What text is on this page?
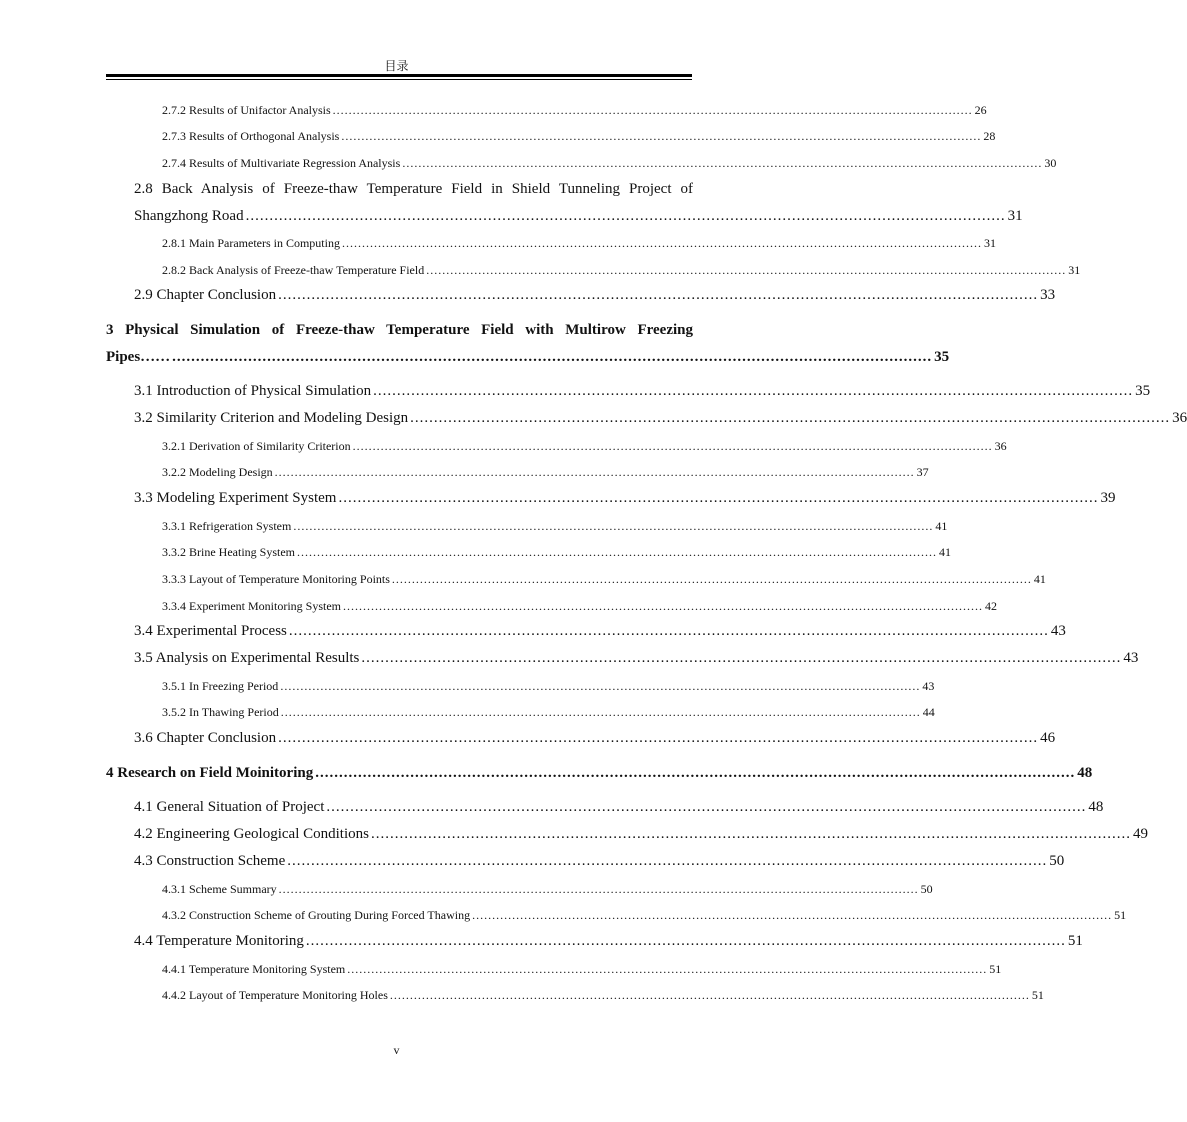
目录
2.7.2 Results of Unifactor Analysis ................................................................................................................................................................ 26
2.7.3 Results of Orthogonal Analysis ................................................................................................................................................................ 28
2.7.4 Results of Multivariate Regression Analysis ................................................................................................................................................................ 30
2.8 Back Analysis of Freeze-thaw Temperature Field in Shield Tunneling Project of
Shangzhong Road ................................................................................................................................................................ 31
2.8.1 Main Parameters in Computing ................................................................................................................................................................ 31
2.8.2 Back Analysis of Freeze-thaw Temperature Field ................................................................................................................................................................ 31
2.9 Chapter Conclusion ................................................................................................................................................................ 33
3 Physical Simulation of Freeze-thaw Temperature Field with Multirow Freezing
Pipes…… ................................................................................................................................................................ 35
3.1 Introduction of Physical Simulation ................................................................................................................................................................ 35
3.2 Similarity Criterion and Modeling Design ................................................................................................................................................................ 36
3.2.1 Derivation of Similarity Criterion ................................................................................................................................................................ 36
3.2.2 Modeling Design ................................................................................................................................................................ 37
3.3 Modeling Experiment System ................................................................................................................................................................ 39
3.3.1 Refrigeration System ................................................................................................................................................................ 41
3.3.2 Brine Heating System ................................................................................................................................................................ 41
3.3.3 Layout of Temperature Monitoring Points ................................................................................................................................................................ 41
3.3.4 Experiment Monitoring System ................................................................................................................................................................ 42
3.4 Experimental Process ................................................................................................................................................................ 43
3.5 Analysis on Experimental Results ................................................................................................................................................................ 43
3.5.1 In Freezing Period ................................................................................................................................................................ 43
3.5.2 In Thawing Period ................................................................................................................................................................ 44
3.6 Chapter Conclusion ................................................................................................................................................................ 46
4 Research on Field Moinitoring ................................................................................................................................................................ 48
4.1 General Situation of Project ................................................................................................................................................................ 48
4.2 Engineering Geological Conditions ................................................................................................................................................................ 49
4.3 Construction Scheme ................................................................................................................................................................ 50
4.3.1 Scheme Summary ................................................................................................................................................................ 50
4.3.2 Construction Scheme of Grouting During Forced Thawing ................................................................................................................................................................ 51
4.4 Temperature Monitoring ................................................................................................................................................................ 51
4.4.1 Temperature Monitoring System ................................................................................................................................................................ 51
4.4.2 Layout of Temperature Monitoring Holes ................................................................................................................................................................ 51
v
